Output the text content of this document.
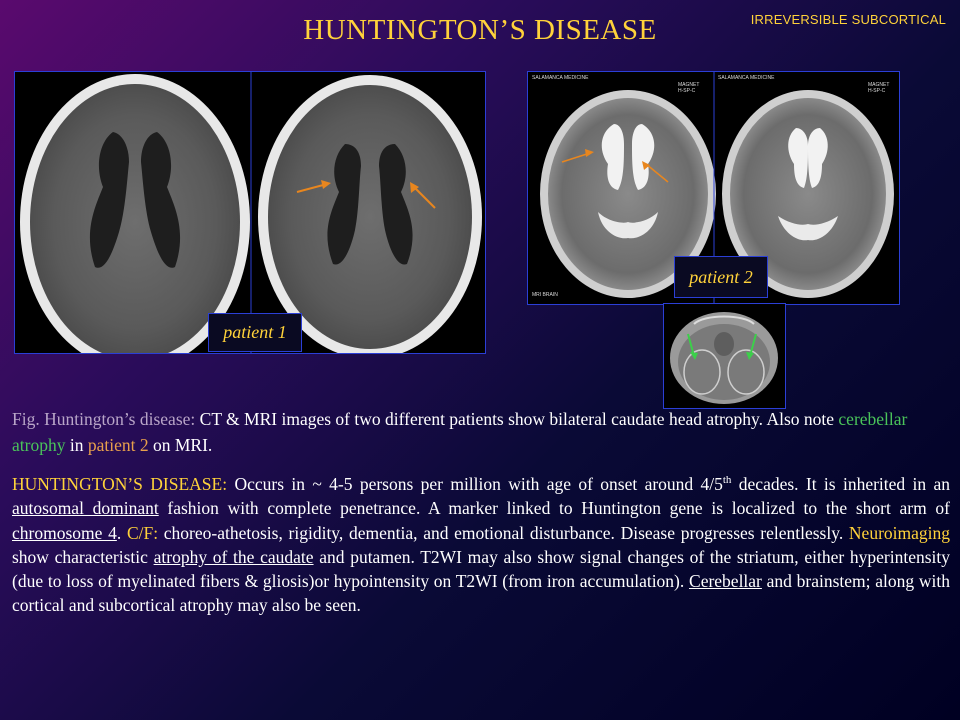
IRREVERSIBLE SUBCORTICAL
HUNTINGTON’S DISEASE
patient 1
SALAMANCA MEDICINE	SALAMANCA MEDICINE
MAGNET
H-SP-C
MAGNET
H-SP-C
MRI BRAIN
patient 2
Fig. Huntington’s disease: CT & MRI images of two different patients show bilateral caudate head atrophy. Also note cerebellar atrophy in patient 2 on MRI.
HUNTINGTON’S DISEASE: Occurs in ~ 4-5 persons per million with age of onset around 4/5th decades. It is inherited in an autosomal dominant fashion with complete penetrance. A marker linked to Huntington gene is localized to the short arm of chromosome 4. C/F: choreo-athetosis, rigidity, dementia, and emotional disturbance. Disease progresses relentlessly. Neuroimaging show characteristic atrophy of the caudate and putamen. T2WI may also show signal changes of the striatum, either hyperintensity (due to loss of myelinated fibers & gliosis)or hypointensity on T2WI (from iron accumulation). Cerebellar and brainstem; along with cortical and subcortical atrophy may also be seen.
